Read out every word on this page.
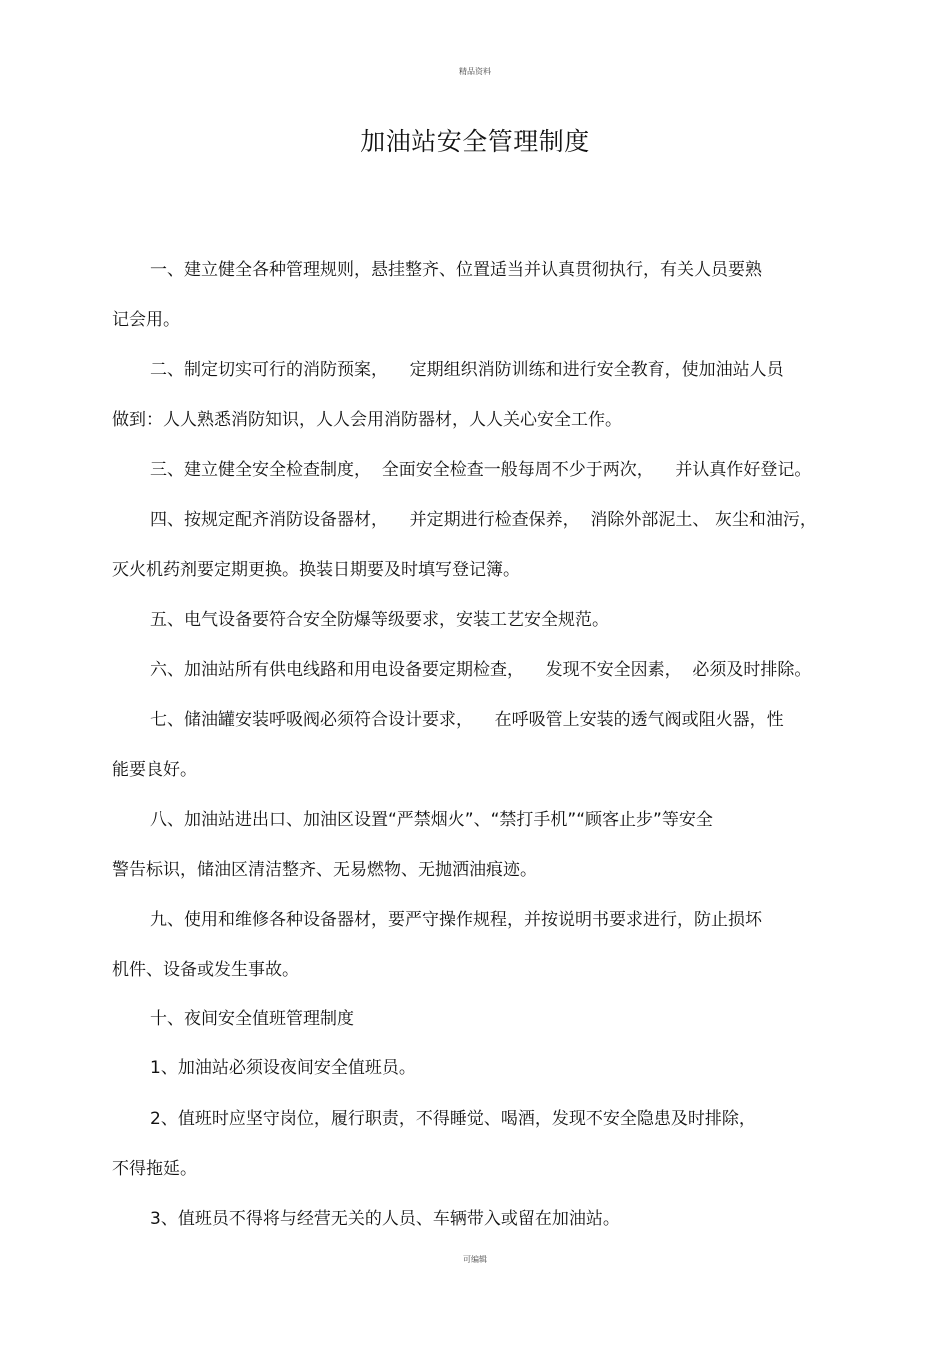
精品资料
加油站安全管理制度
一、建立健全各种管理规则，悬挂整齐、位置适当并认真贯彻执行，有关人员要熟
记会用。
二、制定切实可行的消防预案，    定期组织消防训练和进行安全教育，使加油站人员
做到：人人熟悉消防知识，人人会用消防器材，人人关心安全工作。
三、建立健全安全检查制度，  全面安全检查一般每周不少于两次，    并认真作好登记。
四、按规定配齐消防设备器材，    并定期进行检查保养，  消除外部泥土、 灰尘和油污，
灭火机药剂要定期更换。换装日期要及时填写登记簿。
五、电气设备要符合安全防爆等级要求，安装工艺安全规范。
六、加油站所有供电线路和用电设备要定期检查，    发现不安全因素，  必须及时排除。
七、储油罐安装呼吸阀必须符合设计要求，    在呼吸管上安装的透气阀或阻火器，性
能要良好。
八、加油站进出口、加油区设置“严禁烟火”、“禁打手机”“顾客止步”等安全
警告标识，储油区清洁整齐、无易燃物、无抛洒油痕迹。
九、使用和维修各种设备器材，要严守操作规程，并按说明书要求进行，防止损坏
机件、设备或发生事故。
十、夜间安全值班管理制度
1、加油站必须设夜间安全值班员。
2、值班时应坚守岗位，履行职责，不得睡觉、喝酒，发现不安全隐患及时排除，
不得拖延。
3、值班员不得将与经营无关的人员、车辆带入或留在加油站。
可编辑
